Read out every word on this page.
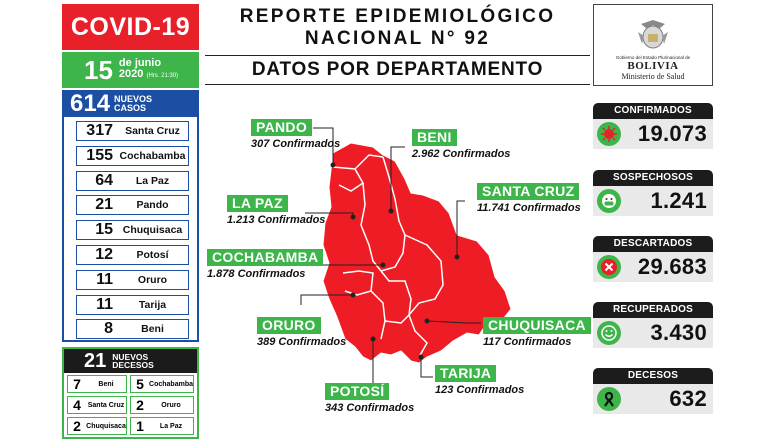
COVID-19
15 de junio
2020 (Hrs. 21:30)
614 NUEVOS
CASOS
317	Santa Cruz
155 Cochabamba
64	La Paz
21	Pando
15 Chuquisaca
12	Potosí
11	Oruro
11	Tarija
8	Beni
21 NUEVOS
DECESOS
7	Beni	5 Cochabamba
4 Santa Cruz 2	Oruro
2 Chuquisaca 1	La Paz
REPORTE EPIDEMIOLÓGICO
NACIONAL N° 92
DATOS POR DEPARTAMENTO
Gobierno del Estado Plurinacional de
BOLIVIA
Ministerio de Salud
PANDO
307 Confirmados	BENI
2.962 Confirmados
LA PAZ
1.213 Confirmados
SANTA CRUZ
11.741 Confirmados
COCHABAMBA
1.878 Confirmados
ORURO
389 Confirmados
CHUQUISACA
117 Confirmados
TARIJA
123 Confirmados
POTOSÍ
343 Confirmados
CONFIRMADOS
19.073
SOSPECHOSOS
1.241
DESCARTADOS
29.683
RECUPERADOS
3.430
DECESOS
632
